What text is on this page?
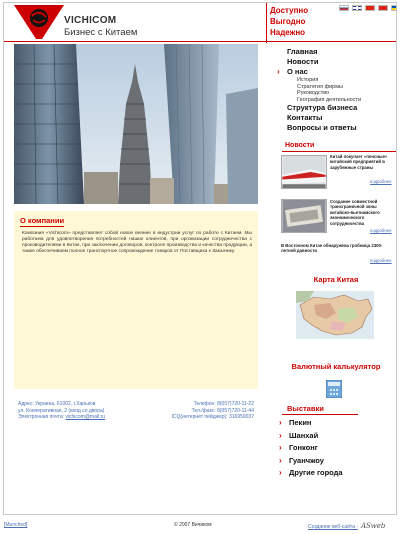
VICHICOM
Бизнес с Китаем
Доступно
Выгодно
Надежно
О компании
Компания «Vichicom» представляет собой новое веяние в индустрии услуг по работе с Китаем. Мы работаем для удовлетворения потребностей наших клиентов, при организации сотрудничества с производителями в Китае, при заключении договоров, контроле производства и качества продукции, а также обеспечиваем полное транспортное сопровождение товаров от Поставщика к Заказчику.
Адрес: Украина, 61002, г.Харьков	Телефон: 8(057)720-11-22
ул. Кооперативная, 2 (вход со двора)	Тел./факс: 8(057)720-11-44
Электронная почта: vichicom@mail.ru	ICQ(интернет пейджер): 316950037
Главная
Новости
› О нас
История
Стратегия фирмы
Руководство
География деятельности
Структура бизнеса
Контакты
Вопросы и ответы
Новости
Китай покупает «пенсные» китайский предприятий в зарубежные страны
подробнее
Создание совместной трансграничной зоны китайско-вьетнамского экономического сотрудничества
подробнее
В Восточном Китае обнаружена гробница 2300-летней давности
подробнее
Карта Китая
Валютный калькулятор
Выставки
› Пекин
› Шанхай
› Гонконг
› Гуанчжоу
› Другие города
[Munched]	© 2007 Вичиком	Создание веб-сайта - ASweb
